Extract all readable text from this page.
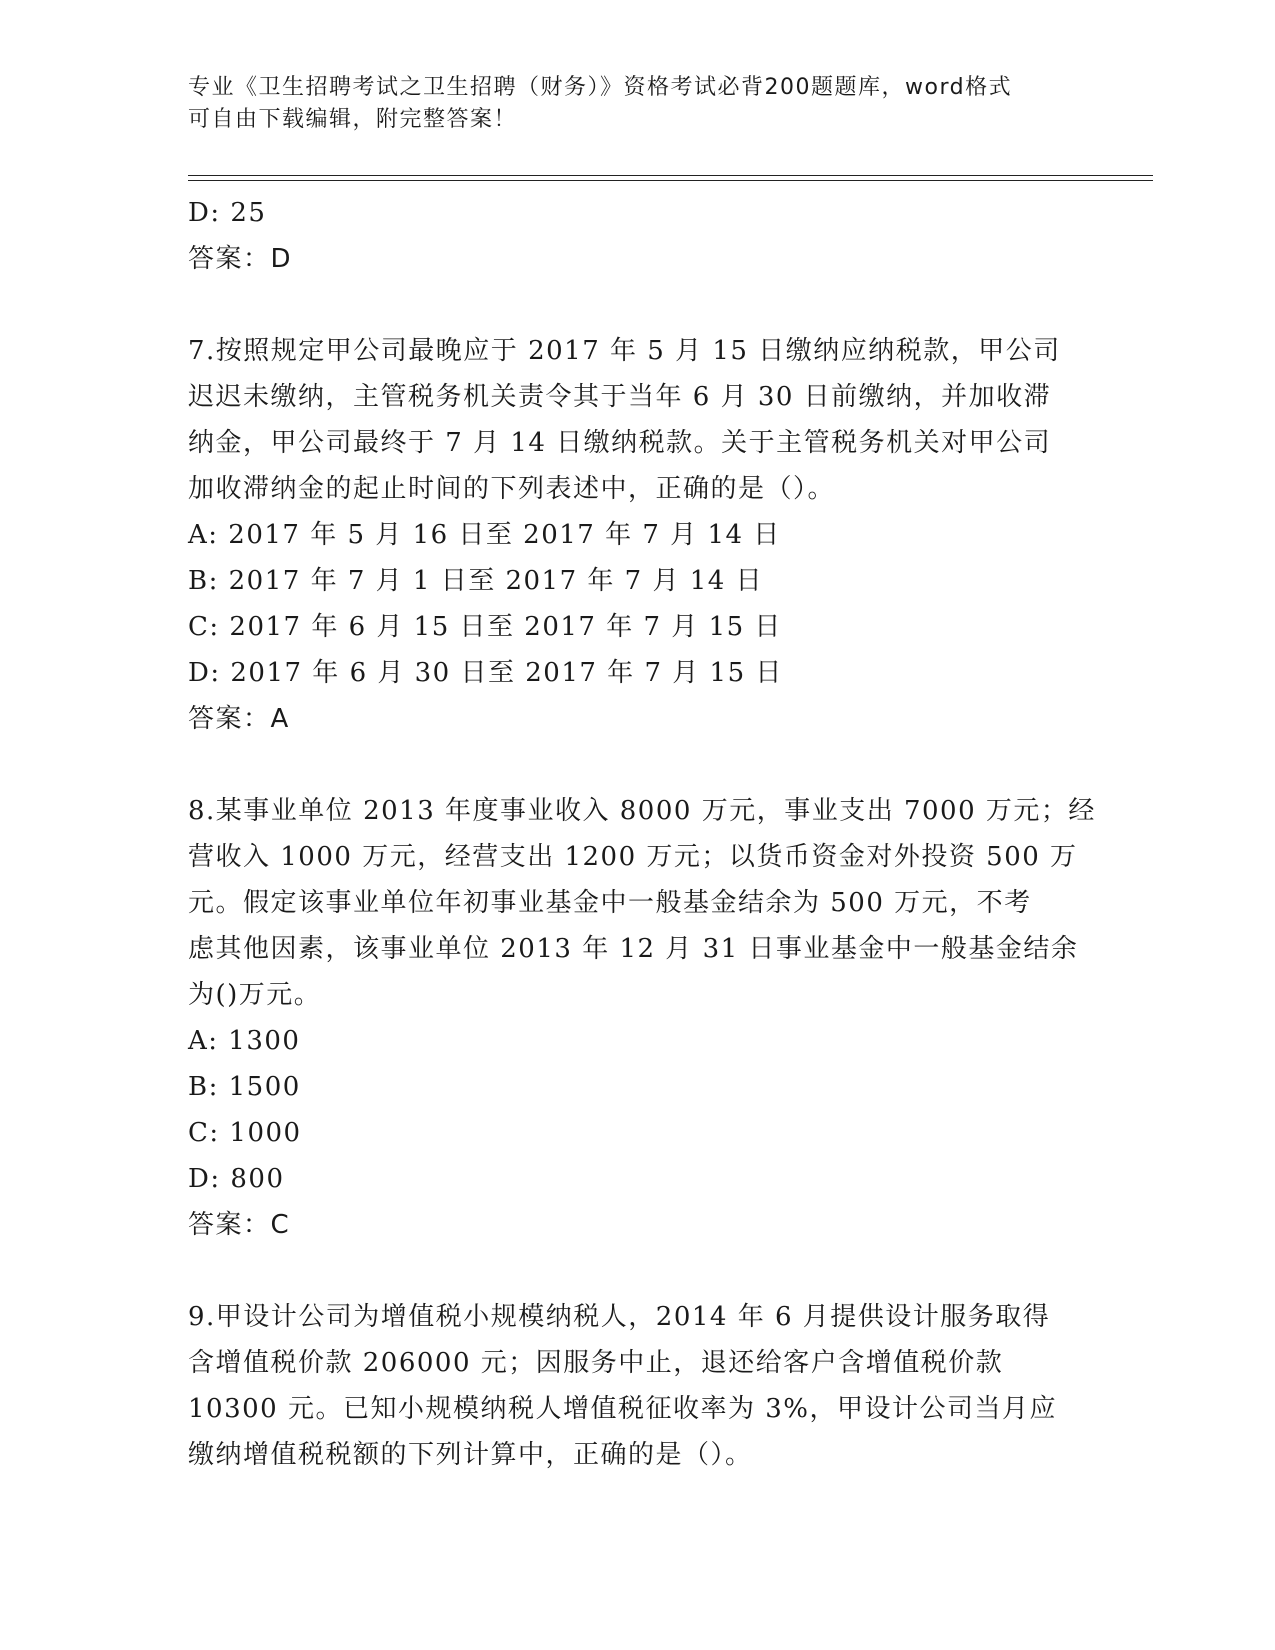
专业《卫生招聘考试之卫生招聘（财务）》资格考试必背200题题库，word格式
可自由下载编辑，附完整答案！
D: 25
答案：D
7.按照规定甲公司最晚应于 2017 年 5 月 15 日缴纳应纳税款，甲公司
迟迟未缴纳，主管税务机关责令其于当年 6 月 30 日前缴纳，并加收滞
纳金，甲公司最终于 7 月 14 日缴纳税款。关于主管税务机关对甲公司
加收滞纳金的起止时间的下列表述中，正确的是（）。
A: 2017 年 5 月 16 日至 2017 年 7 月 14 日
B: 2017 年 7 月 1 日至 2017 年 7 月 14 日
C: 2017 年 6 月 15 日至 2017 年 7 月 15 日
D: 2017 年 6 月 30 日至 2017 年 7 月 15 日
答案：A
8.某事业单位 2013 年度事业收入 8000 万元，事业支出 7000 万元；经
营收入 1000 万元，经营支出 1200 万元；以货币资金对外投资 500 万
元。假定该事业单位年初事业基金中一般基金结余为 500 万元，不考
虑其他因素，该事业单位 2013 年 12 月 31 日事业基金中一般基金结余
为()万元。
A: 1300
B: 1500
C: 1000
D: 800
答案：C
9.甲设计公司为增值税小规模纳税人，2014 年 6 月提供设计服务取得
含增值税价款 206000 元；因服务中止，退还给客户含增值税价款
10300 元。已知小规模纳税人增值税征收率为 3%，甲设计公司当月应
缴纳增值税税额的下列计算中，正确的是（）。
